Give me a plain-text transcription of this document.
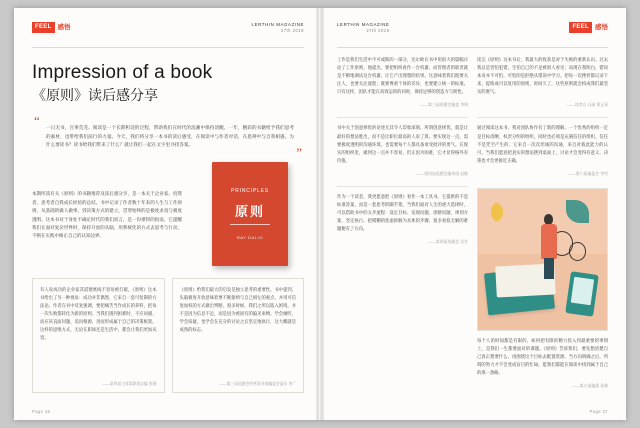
FEEL 感悟	LERTHIN MAGAZINE
27th 2019
Impression of a book
《原则》读后感分享
“ 一日无书，百事荒芜。阅读是一个长期积淀的过程，帮助我们在时代的浪潮中保持清醒。一年，精彩的书籍给予我们思考的素材，也带给我们前行的力量。今天，我们将分享一本书的读后感受，在阅读中与作者对话，在思辨中与自我相遇。为什么要读书？读书给我们带来了什么？就让我们一起在文字里寻找答案。

”
PRINCIPLES
原则
RAY DALIO

本期所读有关《原则》的书籍推荐及读后感分享，是一本关于企业家、投资者、思考者自我成长经验的总结。书中记录了作者数十年来的人生与工作原则，从基础的做人做事、到决策方式的建立，贯穿始终的是极度求真与极度透明。这本书对于身处不确定时代的我们而言，是一份难得的指南，它提醒我们在面对复杂世界时，保持开放的头脑，用系统化的方式去思考与行动，不断在实践中修正自己的认知边界。

有人说成功的企业家其道德底线不容易被打破，《原则》这本书给出了另一种视角：成功并非偶然，它来自一套可复制的方法论。作者在书中反复强调，要把痛苦当作成长的养料，把每一次失败都转化为新的原则。当我们遇到困难时，不应回避，而应该直面问题，追问根源，进而形成属于自己的决策框架。这样的思维方式，无论在职场还是生活中，都会让我们更加从容。

——第四届主席第联席总编 张静

《原则》给我们最大的启发是独立思考的重要性。书中提到，头脑极度开放意味着要不断接纳与自己相左的观点，并用可信度加权的方式做出判断。很多时候，我们之所以陷入困境，并不是因为信息不足，而是因为被固有的偏见束缚。学会倾听，学会质疑，也学会在充分的讨论之后坚定地执行，这大概就是成熟的标志。

——第三届选题会经营事业部编委会委员 李广
Page 36
LERTHIN MAGAZINE
27th 2019
FEEL 感悟

工作是我们生活中不可或缺的一部分，达尔欧在书中用很大的篇幅讨论了工作原则。他提出，要把组织看作一台机器，而管理者的职责就是不断地调试这台机器，让它产出理想的结果。这意味着我们既要关注人，也要关注流程；既要尊重个体的差异，也要建立统一的标准。只有这样，团队才能在高效运转的同时，保持足够的创造力与韧性。

——第三届选题会编委 李明

书中关于创意择优的论述尤其令人印象深刻。所谓创意择优，就是让最好的想法胜出，而不是让职位最高的人说了算。要实现这一点，需要极度透明的沟通环境，也需要每个人都具备承受批评的勇气。在现实的组织里，做到这一点并不容易，但正因为困难，它才显得格外有价值。

——第四届选题会编审组 赵敏

作为一个读者，我更愿意把《原则》看作一本工具书。它提供的不是标准答案，而是一套思考的脚手架。当我们面对人生的重大选择时，可以借助书中的五步流程：设定目标、发现问题、诊断问题、规划方案、坚定执行。把模糊的焦虑拆解为具体的步骤，很多看似无解的难题便有了方向。

——第四届选题会 吴芳

读完《原则》这本书后，我最大的收获是对于失败的重新认识。过去我总是害怕犯错，生怕自己的不足被别人看见；而现在我明白，错误本身并不可怕，可怕的是拒绝从错误中学习。把每一次挫折都记录下来，提炼成可以复用的原则，时间久了，这些原则就会构成我们最坚实的底气。

——读者自 石丽 郑正章

通过阅读这本书，我对团队协作有了新的理解。一个优秀的组织一定是目标清晰、权责分明的组织，同时也必须是充满信任的组织。信任不是凭空产生的，它来自一次次坦诚的沟通，来自对彼此能力的认可。当我们愿意把真实的想法摆到桌面上，讨论才会变得有意义，决策也才会更接近正确。

——第六届编委会 李雪

每个人的时间都是有限的，如何把有限的精力投入到最重要的事情上，是我们一生都要面对的课题。《原则》告诉我们，要先想清楚自己真正想要什么，再围绕这个目标去配置资源。当方向明确之后，所谓的努力才不会变成盲目的忙碌。愿我们都能在阅读中找到属于自己的那一条路。

——第五届编委 孙晓
Page 37
